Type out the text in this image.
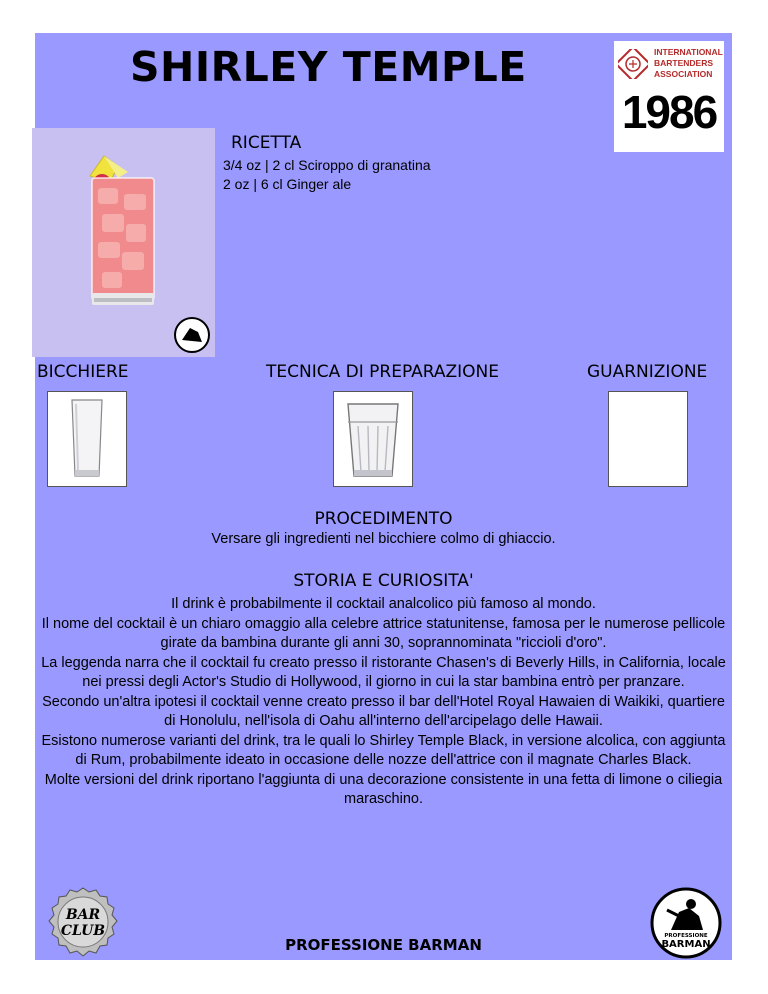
SHIRLEY TEMPLE	INTERNATIONAL
BARTENDERS
ASSOCIATION
1986
RICETTA
3/4 oz | 2 cl Sciroppo di granatina
2 oz | 6 cl Ginger ale
BICCHIERE	TECNICA DI PREPARAZIONE	GUARNIZIONE
PROCEDIMENTO
Versare gli ingredienti nel bicchiere colmo di ghiaccio.
STORIA E CURIOSITA'

Il drink è probabilmente il cocktail analcolico più famoso al mondo.

Il nome del cocktail è un chiaro omaggio alla celebre attrice statunitense, famosa per le numerose pellicole girate da bambina durante gli anni 30, soprannominata "riccioli d'oro".

La leggenda narra che il cocktail fu creato presso il ristorante Chasen's di Beverly Hills, in California, locale nei pressi degli Actor's Studio di Hollywood, il giorno in cui la star bambina entrò per pranzare.

Secondo un'altra ipotesi il cocktail venne creato presso il bar dell'Hotel Royal Hawaien di Waikiki, quartiere di Honolulu, nell'isola di Oahu all'interno dell'arcipelago delle Hawaii.

Esistono numerose varianti del drink, tra le quali lo Shirley Temple Black, in versione alcolica, con aggiunta di Rum, probabilmente ideato in occasione delle nozze dell'attrice con il magnate Charles Black.

Molte versioni del drink riportano l'aggiunta di una decorazione consistente in una fetta di limone o ciliegia maraschino.

BAR
CLUB
PROFESSIONE BARMAN	PROFESSIONE
BARMAN
